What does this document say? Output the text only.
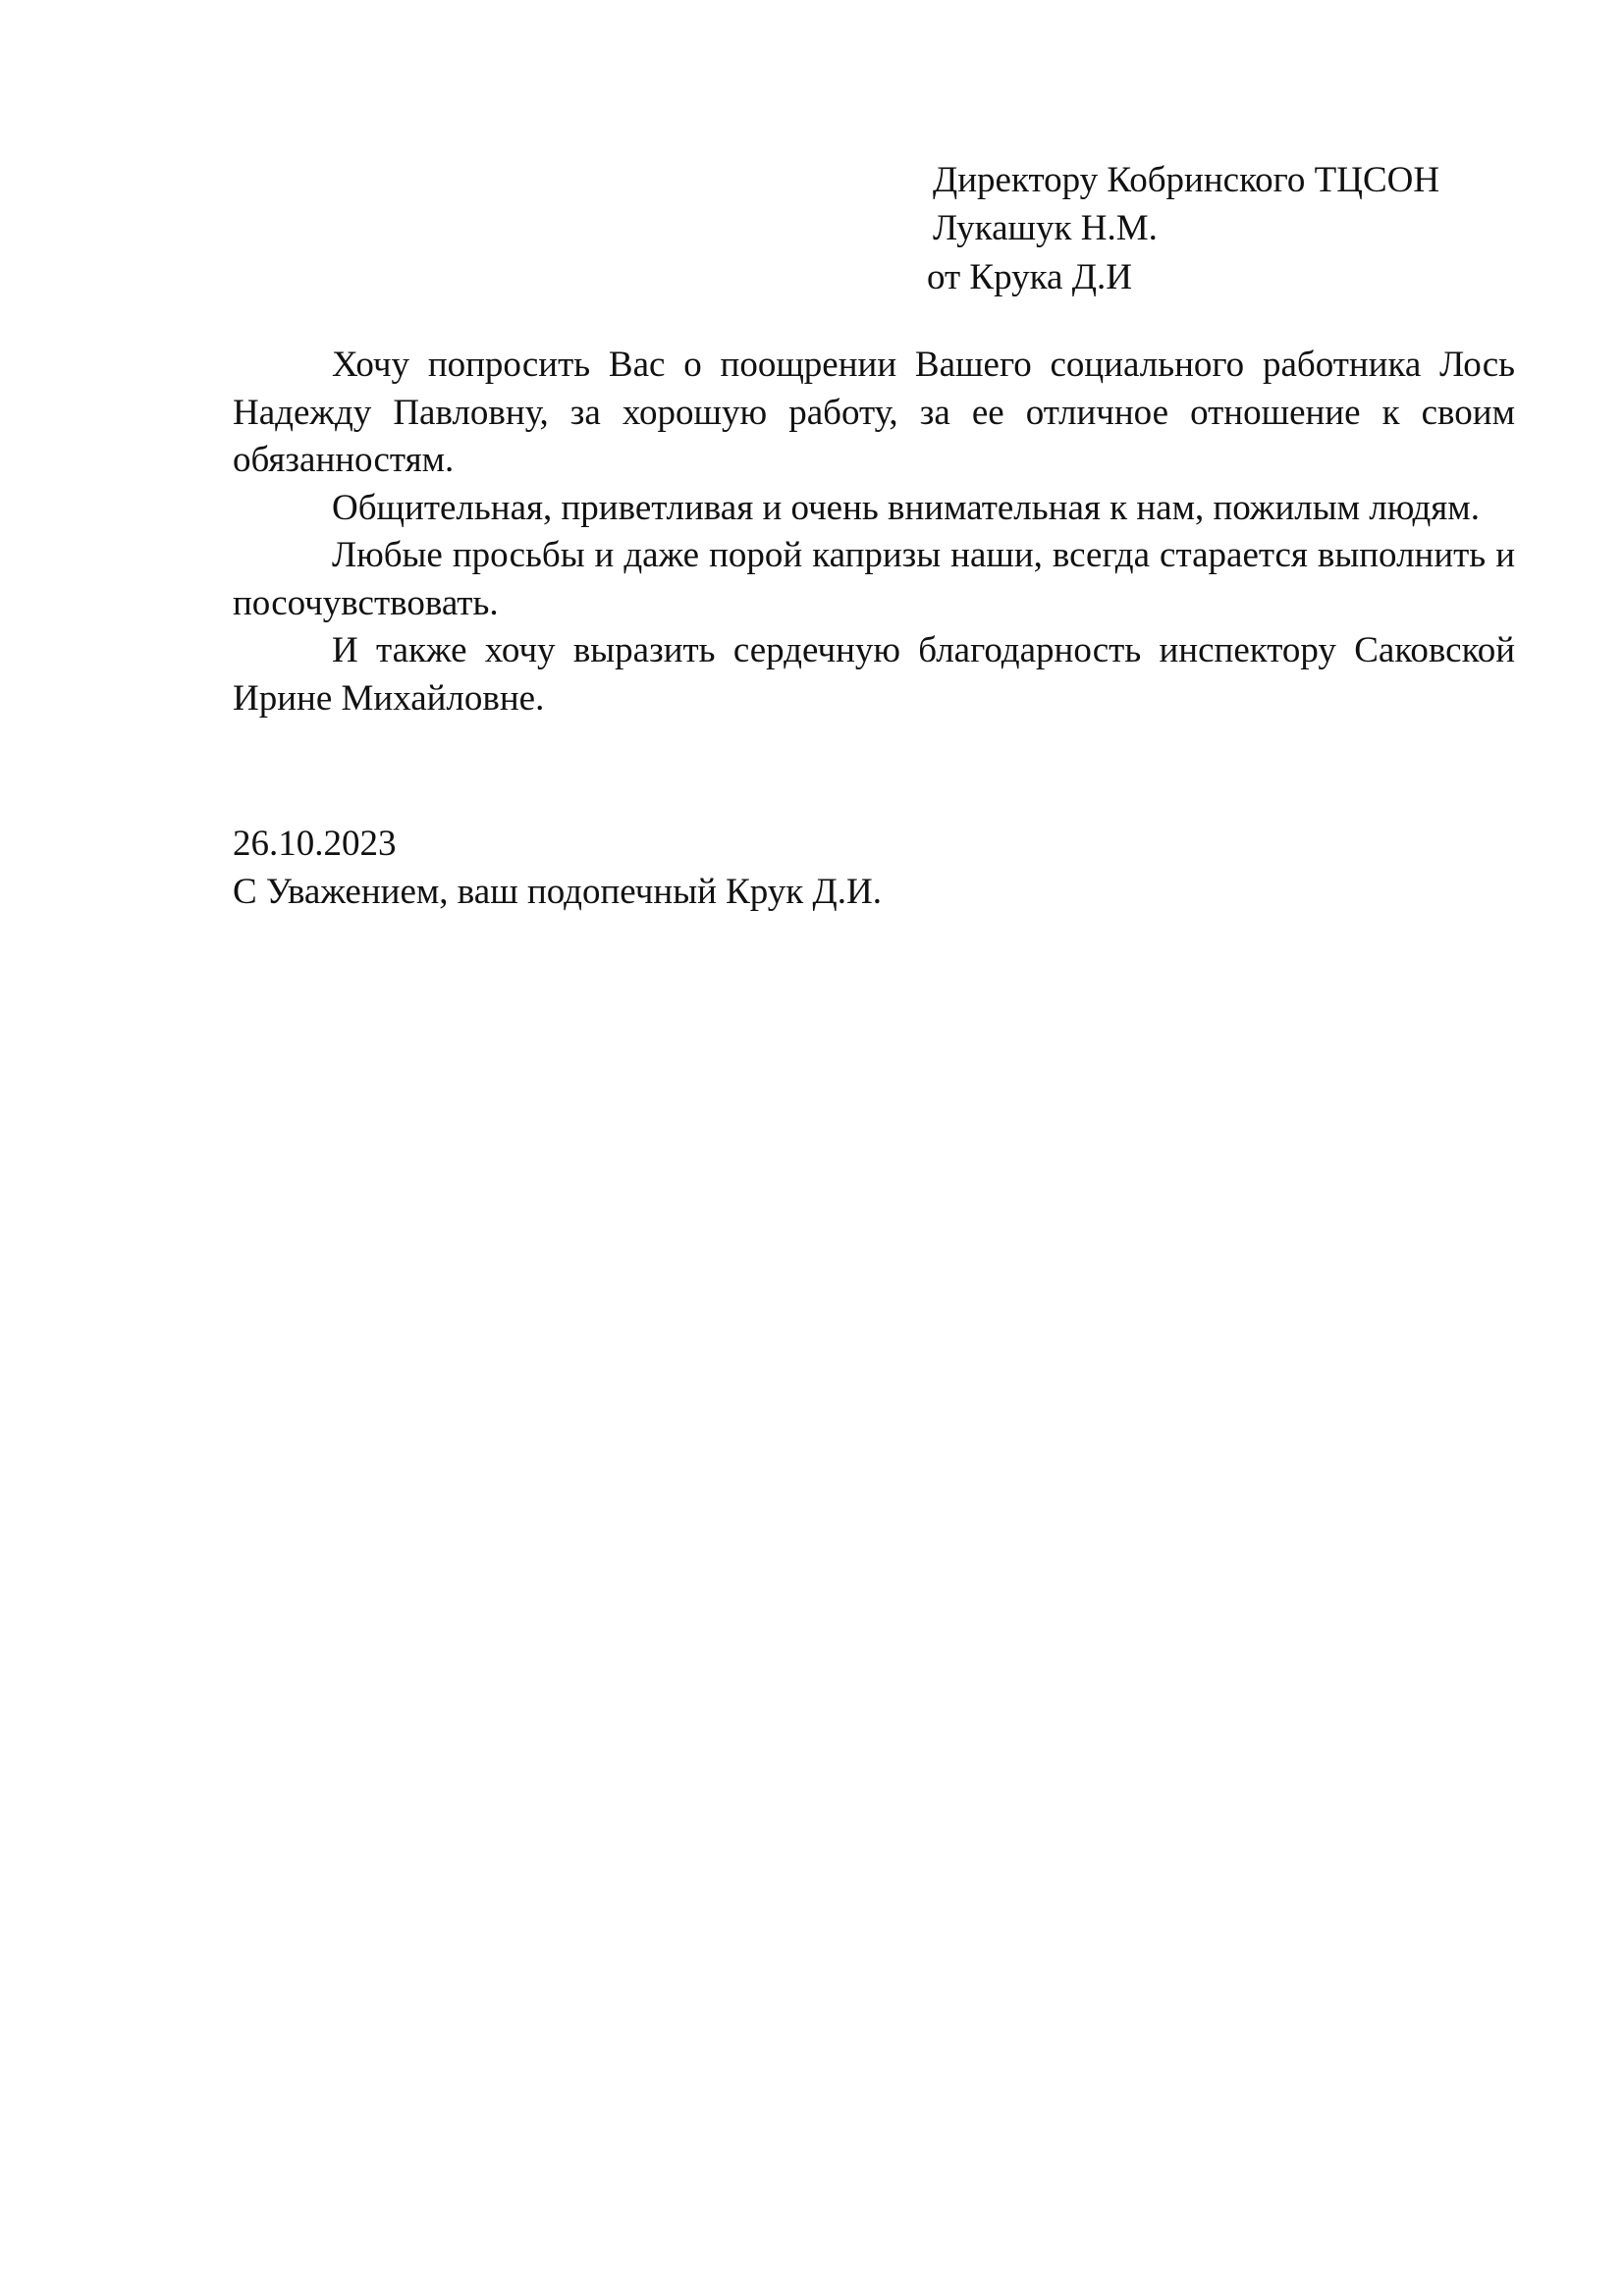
Директору Кобринского ТЦСОН
Лукашук Н.М.
от Крука Д.И

Хочу попросить Вас о поощрении Вашего социального работника Лось Надежду Павловну, за хорошую работу, за ее отличное отношение к своим обязанностям.

Общительная, приветливая и очень внимательная к нам, пожилым людям.

Любые просьбы и даже порой капризы наши, всегда старается выполнить и посочувствовать.

И также хочу выразить сердечную благодарность инспектору Саковской Ирине Михайловне.

26.10.2023
С Уважением, ваш подопечный Крук Д.И.
